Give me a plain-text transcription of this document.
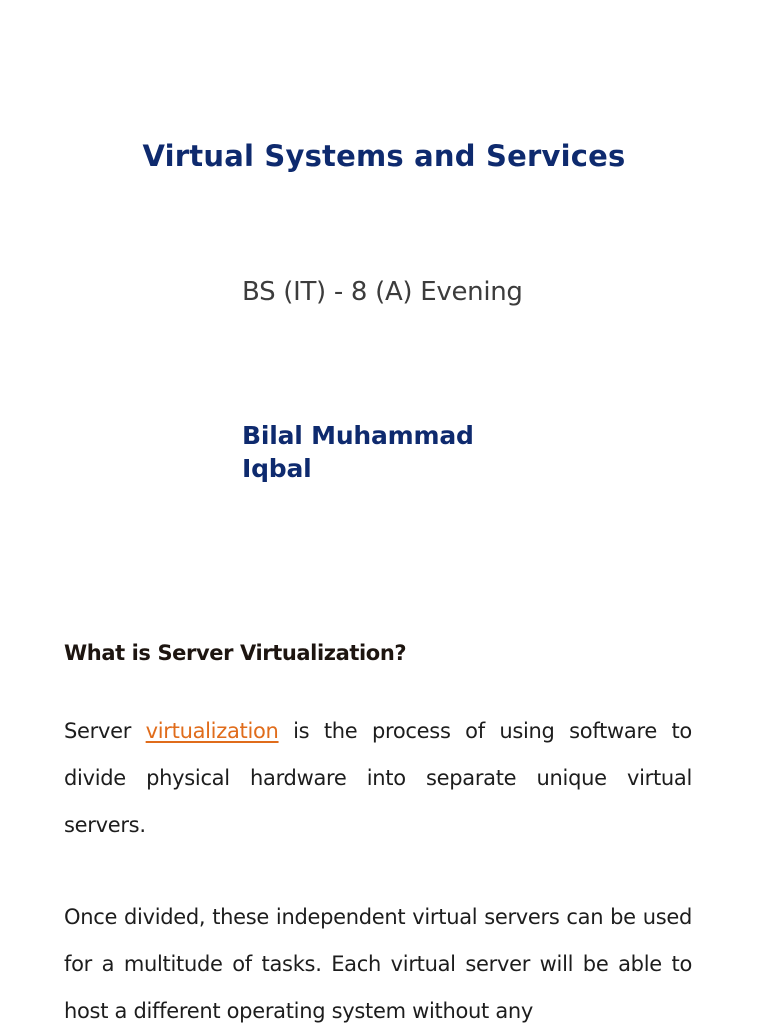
Virtual Systems and Services

BS (IT) - 8 (A) Evening

Bilal Muhammad Iqbal

What is Server Virtualization?

Server virtualization is the process of using software to divide physical hardware into separate unique virtual servers.

Once divided, these independent virtual servers can be used for a multitude of tasks. Each virtual server will be able to host a different operating system without any
